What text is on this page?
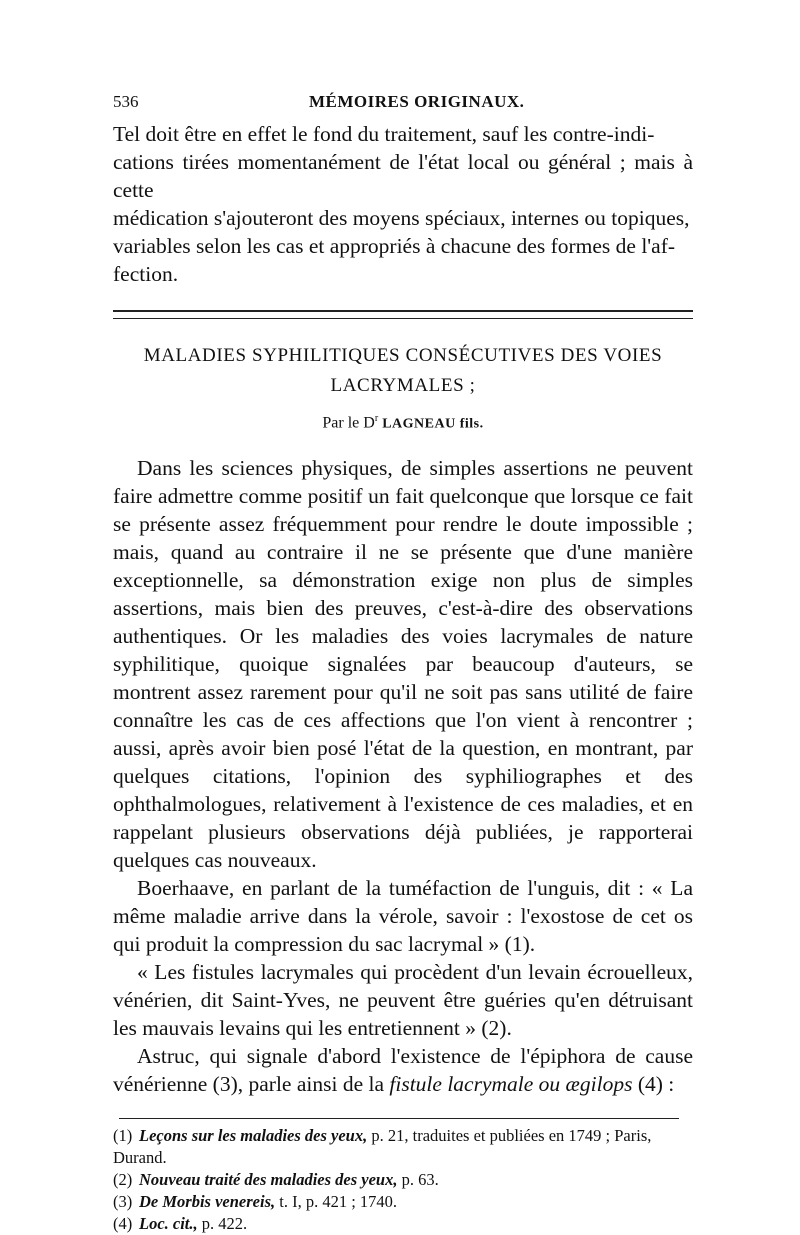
536	MÉMOIRES ORIGINAUX.

Tel doit être en effet le fond du traitement, sauf les contre-indi-

cations tirées momentanément de l'état local ou général ; mais à cette

médication s'ajouteront des moyens spéciaux, internes ou topiques,

variables selon les cas et appropriés à chacune des formes de l'af-

fection.

MALADIES SYPHILITIQUES CONSÉCUTIVES DES VOIES
LACRYMALES ;
Par le $D^r$ LAGNEAU fils.

Dans les sciences physiques, de simples assertions ne peuvent faire admettre comme positif un fait quelconque que lorsque ce fait se présente assez fréquemment pour rendre le doute impossible ; mais, quand au contraire il ne se présente que d'une manière exceptionnelle, sa démonstration exige non plus de simples assertions, mais bien des preuves, c'est-à-dire des observations authentiques. Or les maladies des voies lacrymales de nature syphilitique, quoique signalées par beaucoup d'auteurs, se montrent assez rarement pour qu'il ne soit pas sans utilité de faire connaître les cas de ces affections que l'on vient à rencontrer ; aussi, après avoir bien posé l'état de la question, en montrant, par quelques citations, l'opinion des syphiliographes et des ophthalmologues, relativement à l'existence de ces maladies, et en rappelant plusieurs observations déjà publiées, je rapporterai quelques cas nouveaux.

Boerhaave, en parlant de la tuméfaction de l'unguis, dit : « La même maladie arrive dans la vérole, savoir : l'exostose de cet os qui produit la compression du sac lacrymal » (1).

« Les fistules lacrymales qui procèdent d'un levain écrouelleux, vénérien, dit Saint-Yves, ne peuvent être guéries qu'en détruisant les mauvais levains qui les entretiennent » (2).

Astruc, qui signale d'abord l'existence de l'épiphora de cause vénérienne (3), parle ainsi de la fistule lacrymale ou ægilops (4) :

(1) Leçons sur les maladies des yeux, p. 21, traduites et publiées en 1749 ; Paris, Durand.

(2) Nouveau traité des maladies des yeux, p. 63.

(3) De Morbis venereis, t. I, p. 421 ; 1740.

(4) Loc. cit., p. 422.
